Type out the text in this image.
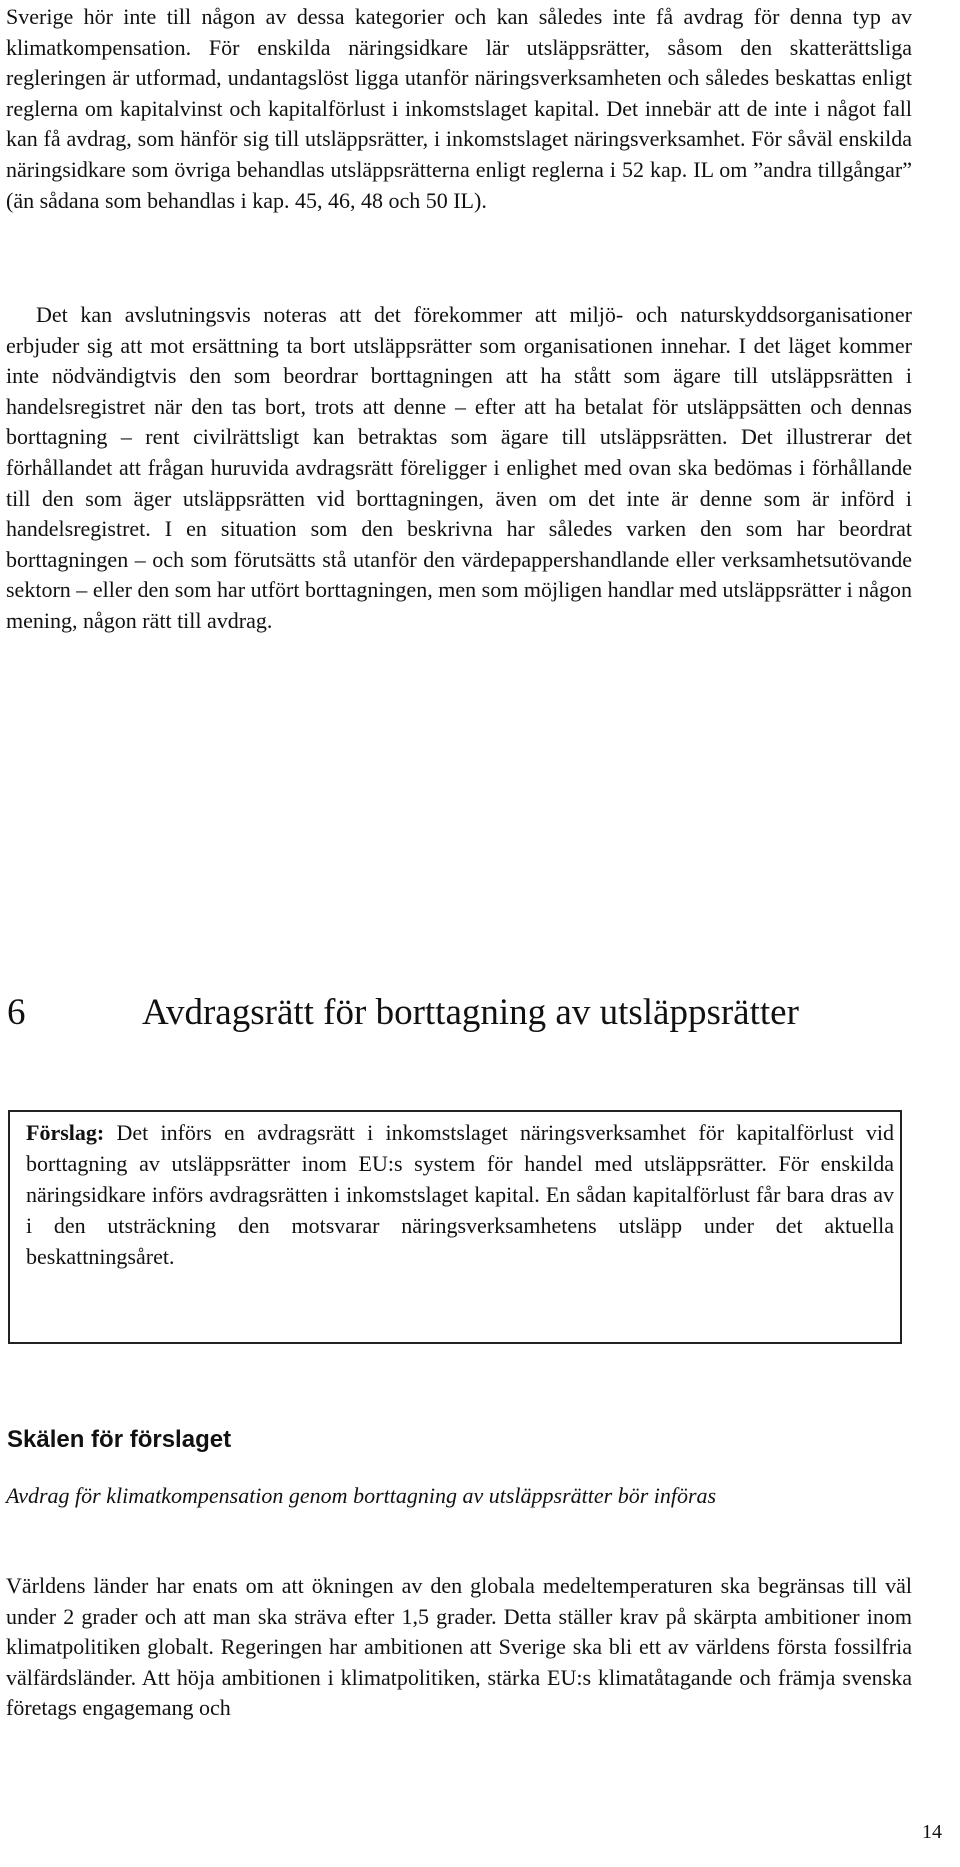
Sverige hör inte till någon av dessa kategorier och kan således inte få avdrag för denna typ av klimatkompensation. För enskilda näringsidkare lär utsläppsrätter, såsom den skatterättsliga regleringen är utformad, undantagslöst ligga utanför näringsverksamheten och således beskattas enligt reglerna om kapitalvinst och kapitalförlust i inkomstslaget kapital. Det innebär att de inte i något fall kan få avdrag, som hänför sig till utsläppsrätter, i inkomstslaget näringsverksamhet. För såväl enskilda näringsidkare som övriga behandlas utsläppsrätterna enligt reglerna i 52 kap. IL om ”andra tillgångar” (än sådana som behandlas i kap. 45, 46, 48 och 50 IL).

Det kan avslutningsvis noteras att det förekommer att miljö- och naturskyddsorganisationer erbjuder sig att mot ersättning ta bort utsläppsrätter som organisationen innehar. I det läget kommer inte nödvändigtvis den som beordrar borttagningen att ha stått som ägare till utsläppsrätten i handelsregistret när den tas bort, trots att denne – efter att ha betalat för utsläppsätten och dennas borttagning – rent civilrättsligt kan betraktas som ägare till utsläppsrätten. Det illustrerar det förhållandet att frågan huruvida avdragsrätt föreligger i enlighet med ovan ska bedömas i förhållande till den som äger utsläppsrätten vid borttagningen, även om det inte är denne som är införd i handelsregistret. I en situation som den beskrivna har således varken den som har beordrat borttagningen – och som förutsätts stå utanför den värdepappershandlande eller verksamhetsutövande sektorn – eller den som har utfört borttagningen, men som möjligen handlar med utsläppsrätter i någon mening, någon rätt till avdrag.

6	Avdragsrätt för borttagning av utsläppsrätter

Förslag: Det införs en avdragsrätt i inkomstslaget näringsverksamhet för kapitalförlust vid borttagning av utsläppsrätter inom EU:s system för handel med utsläppsrätter. För enskilda näringsidkare införs avdragsrätten i inkomstslaget kapital. En sådan kapitalförlust får bara dras av i den utsträckning den motsvarar näringsverksamhetens utsläpp under det aktuella beskattningsåret.

Skälen för förslaget
Avdrag för klimatkompensation genom borttagning av utsläppsrätter bör införas

Världens länder har enats om att ökningen av den globala medeltemperaturen ska begränsas till väl under 2 grader och att man ska sträva efter 1,5 grader. Detta ställer krav på skärpta ambitioner inom klimatpolitiken globalt. Regeringen har ambitionen att Sverige ska bli ett av världens första fossilfria välfärdsländer. Att höja ambitionen i klimatpolitiken, stärka EU:s klimatåtagande och främja svenska företags engagemang och

14
